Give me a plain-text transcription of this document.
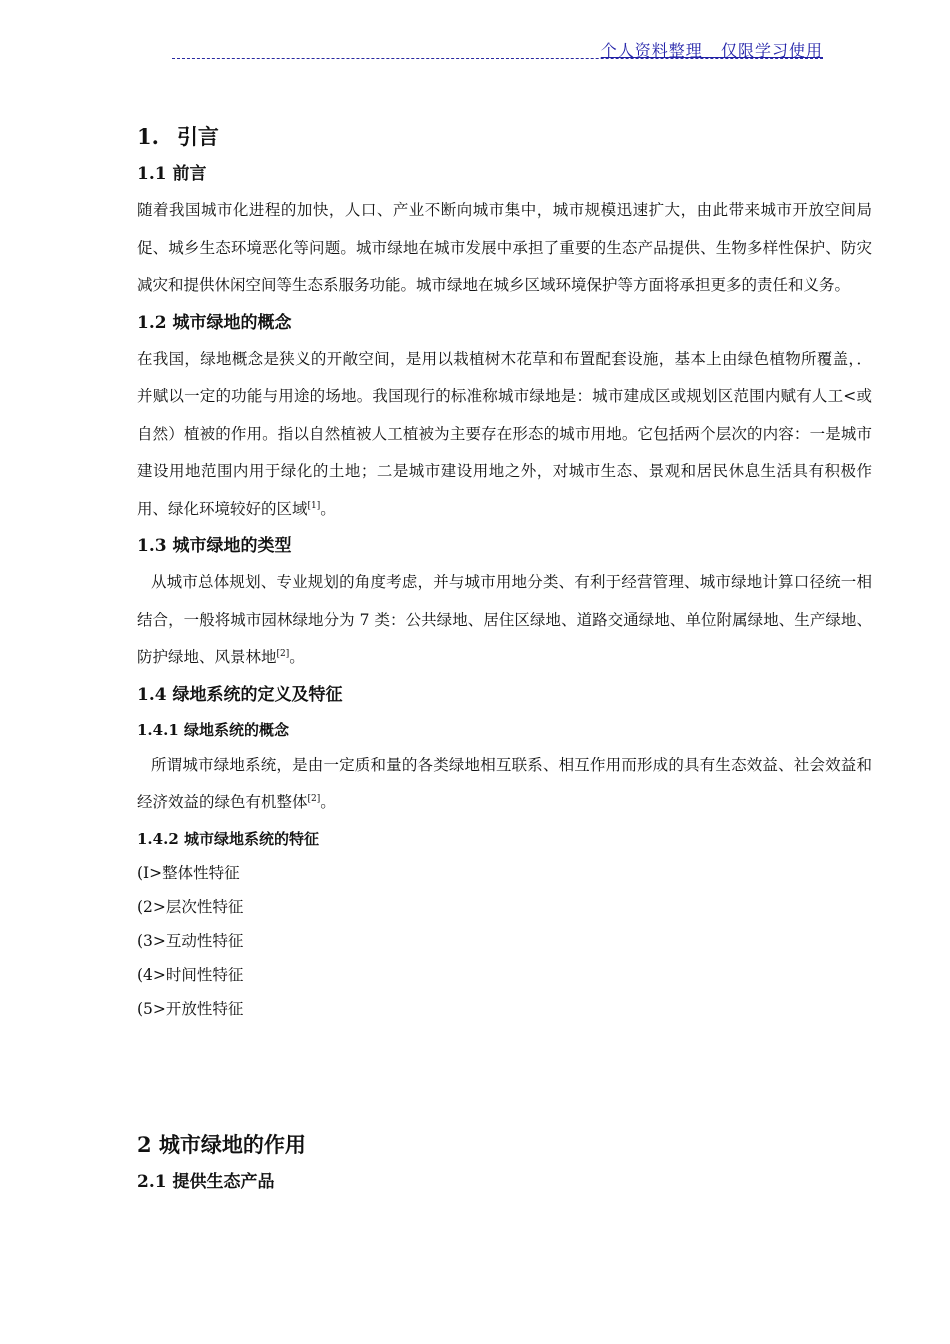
个人资料整理   仅限学习使用
1. 引言
1.1 前言

随着我国城市化进程的加快，人口、产业不断向城市集中，城市规模迅速扩大，由此带来城市开放空间局促、城乡生态环境恶化等问题。城市绿地在城市发展中承担了重要的生态产品提供、生物多样性保护、防灾减灾和提供休闲空间等生态系服务功能。城市绿地在城乡区域环境保护等方面将承担更多的责任和义务。

1.2 城市绿地的概念

在我国，绿地概念是狭义的开敞空间，是用以栽植树木花草和布置配套设施，基本上由绿色植物所覆盖，．并赋以一定的功能与用途的场地。我国现行的标准称城市绿地是：城市建成区或规划区范围内赋有人工<或自然）植被的作用。指以自然植被人工植被为主要存在形态的城市用地。它包括两个层次的内容：一是城市建设用地范围内用于绿化的土地；二是城市建设用地之外，对城市生态、景观和居民休息生活具有积极作用、绿化环境较好的区域[1]。

1.3 城市绿地的类型

从城市总体规划、专业规划的角度考虑，并与城市用地分类、有利于经营管理、城市绿地计算口径统一相结合，一般将城市园林绿地分为 7 类：公共绿地、居住区绿地、道路交通绿地、单位附属绿地、生产绿地、防护绿地、风景林地[2]。

1.4 绿地系统的定义及特征
1.4.1 绿地系统的概念

所谓城市绿地系统，是由一定质和量的各类绿地相互联系、相互作用而形成的具有生态效益、社会效益和经济效益的绿色有机整体[2]。

1.4.2 城市绿地系统的特征

(I>整体性特征

(2>层次性特征

(3>互动性特征

(4>时间性特征

(5>开放性特征

2 城市绿地的作用
2.1 提供生态产品
